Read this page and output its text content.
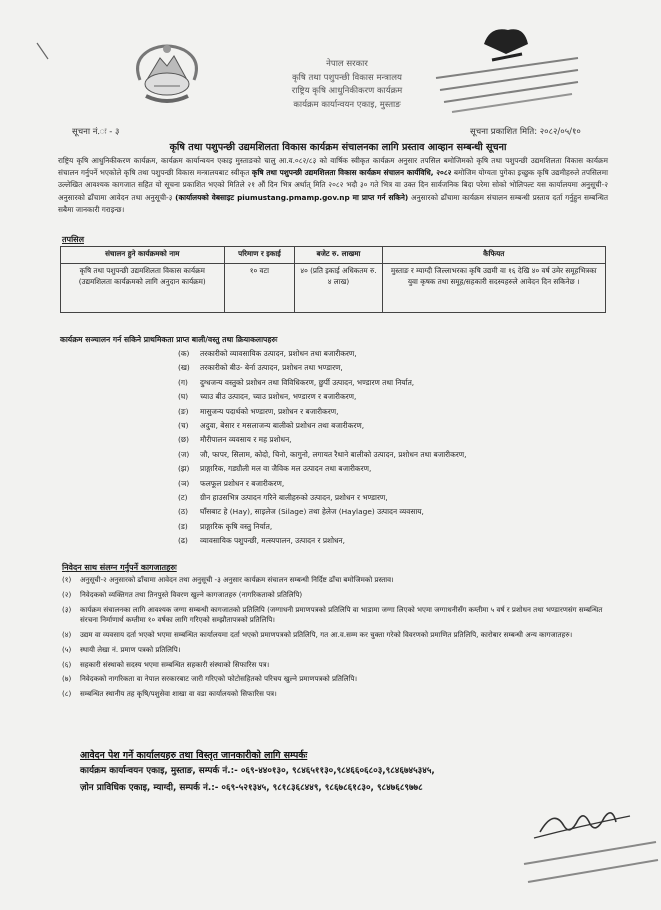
नेपाल सरकार
कृषि तथा पशुपन्छी विकास मन्त्रालय
राष्ट्रिय कृषि आधुनिकीकरण कार्यक्रम
कार्यक्रम कार्यान्वयन एकाइ, मुस्ताङ
सूचना नं.ः - ३	सूचना प्रकाशित मिति: २०८२/०५/१०
कृषि तथा पशुपन्छी उद्यमशिलता विकास कार्यक्रम संचालनका लागि प्रस्ताव आव्हान सम्बन्धी सूचना
राष्ट्रिय कृषि आधुनिकीकरण कार्यक्रम, कार्यक्रम कार्यान्वयन एकाइ मुस्ताङको चालु आ.व.०८२/८३ को वार्षिक स्वीकृत कार्यक्रम अनुसार तपसिल बमोजिमको कृषि तथा पशुपन्छी उद्यमशिलता विकास कार्यक्रम संचालन गर्नुपर्ने भएकोले कृषि तथा पशुपन्छी विकास मन्त्रालयबाट स्वीकृत कृषि तथा पशुपन्छी उद्यमशिलता विकास कार्यक्रम संचालन कार्यविधि, २०८२ बमोजिम योग्यता पुगेका इच्छुक कृषि उद्यमीहरुले तपसिलमा उल्लेखित आवश्यक कागजात सहित यो सूचना प्रकाशित भएको मितिले २१ औं दिन भित्र अर्थात् मिति २०८२ भदौ ३० गते भित्र वा उक्त दिन सार्वजनिक बिदा परेमा सोको भोलिपल्ट यस कार्यालयमा अनुसूची-२ अनुसारको ढाँचामा आवेदन तथा अनुसूची-३ (कार्यालयको वेबसाइट piumustang.pmamp.gov.np मा प्राप्त गर्न सकिने) अनुसारको ढाँचामा कार्यक्रम संचालन सम्बन्धी प्रस्ताव दर्ता गर्नुहुन सम्बन्धित सबैमा जानकारी गराइन्छ।
तपसिल
संचालन हुने कार्यक्रमको नाम	परिमाण र इकाई	बजेट रु. लाखमा	कैफियत
कृषि तथा पशुपन्छी उद्यमशिलता विकास कार्यक्रम (उद्यमशिलता कार्यक्रमको लागि अनुदान कार्यक्रम)	१० वटा	४० (प्रति इकाई अधिकतम रु. ४ लाख)	मुस्ताङ र म्याग्दी जिल्लाभरका कृषि उद्यमी वा १६ देखि ४० वर्ष उमेर समूहभित्रका युवा कृषक तथा समूह/सहकारी सदस्यहरुले आवेदन दिन सकिनेछ ।
कार्यक्रम सञ्चालन गर्न सकिने प्राथमिकता प्राप्त बाली/वस्तु तथा क्रियाकलापहरुः
(क) तरकारीको व्यावसायिक उत्पादन, प्रशोधन तथा बजारीकरण,
(ख) तरकारीको बीउ- बेर्ना उत्पादन, प्रशोधन तथा भण्डारण,
(ग) दुग्धजन्य वस्तुको प्रशोधन तथा विविधिकरण, छुर्पी उत्पादन, भण्डारण तथा निर्यात,
(घ) च्याउ बीउ उत्पादन, च्याउ प्रशोधन, भण्डारण र बजारीकरण,
(ङ) मासुजन्य पदार्थको भण्डारण, प्रशोधन र बजारीकरण,
(च) अदुवा, बेसार र मसलाजन्य बालीको प्रशोधन तथा बजारीकरण,
(छ) मौरीपालन व्यवसाय र मह प्रशोधन,
(ज) जौ, फापर, सिलाम, कोदो, चिनो, कागुनो, लगायत रैथाने बालीको उत्पादन, प्रशोधन तथा बजारीकरण,
(झ) प्राङ्गारिक, गड्यौली मल वा जैविक मल उत्पादन तथा बजारीकरण,
(ञ) फलफूल प्रशोधन र बजारीकरण,
(ट) ग्रीन हाउसभित्र उत्पादन गरिने बालीहरुको उत्पादन, प्रशोधन र भण्डारण,
(ठ) घाँसबाट हे (Hay), साइलेज (Silage) तथा हेलेज (Haylage) उत्पादन व्यवसाय,
(ड) प्राङ्गारिक कृषि वस्तु निर्यात,
(ढ) व्यावसायिक पशुपन्छी, मत्स्यपालन, उत्पादन र प्रशोधन,
निवेदन साथ संलग्न गर्नुपर्ने कागजातहरुः
(१)	अनुसूची-२ अनुसारको ढाँचामा आवेदन तथा अनुसूची -३ अनुसार कार्यक्रम संचालन सम्बन्धी निर्दिष्ट ढाँचा बमोजिमको प्रस्ताव।
(२)	निवेदकको व्यक्तिगत तथा तिनपुस्ते विवरण खुल्ने कागजातहरु (नागरिकताको प्रतिलिपि)
(३)	कार्यक्रम संचालनका लागि आवश्यक जग्गा सम्बन्धी कागजातको प्रतिलिपि (जग्गाधनी प्रमाणपत्रको प्रतिलिपि वा भाडामा जग्गा लिएको भएमा जग्गाधनीसँग कम्तीमा ५ वर्ष र प्रशोधन तथा भण्डारणसंग सम्बन्धित संरचना निर्माणार्थ कम्तीमा १० वर्षका लागि गरिएको सम्झौतापत्रको प्रतिलिपि।
(४)	उद्यम वा व्यवसाय दर्ता भएको भएमा सम्बन्धित कार्यालयमा दर्ता भएको प्रमाणपत्रको प्रतिलिपि, गत आ.व.सम्म कर चुक्ता गरेको विवरणको प्रमाणित प्रतिलिपि, कारोबार सम्बन्धी अन्य कागजातहरु।
(५)	स्थायी लेखा नं. प्रमाण पत्रको प्रतिलिपि।
(६)	सहकारी संस्थाको सदस्य भएमा सम्बन्धित सहकारी संस्थाको सिफारिस पत्र।
(७)	निवेदकको नागरिकता वा नेपाल सरकारबाट जारी गरिएको फोटोसहितको परिचय खुल्ने प्रमाणपत्रको प्रतिलिपि।
(८)	सम्बन्धित स्थानीय तह कृषि/पशुसेवा शाखा वा वडा कार्यालयको सिफारिस पत्र।
आवेदन पेश गर्ने कार्यालयहरु तथा विस्तृत जानकारीको लागि सम्पर्कः
कार्यक्रम कार्यान्वयन एकाइ, मुस्ताङ, सम्पर्क नं.:- ०६९-४४०१३०, ९८४६५११३०,९८४६६०६८०३,९८४६७४५३४५,
ज़ोन प्राविधिक एकाइ, म्याग्दी, सम्पर्क नं.:- ०६९-५२१३४५, ९८१८३६८४४९, ९८६७८६१८३०, ९८४७६८९७७८
